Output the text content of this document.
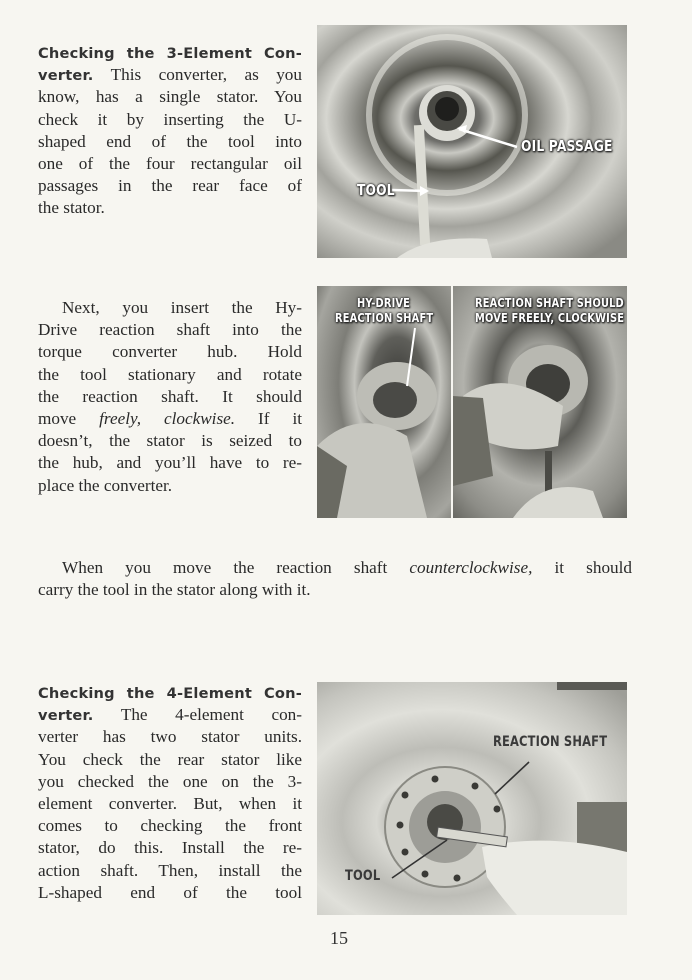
Checking the 3-Element Con-
verter. This converter, as you
know, has a single stator. You
check it by inserting the U-
shaped end of the tool into
one of the four rectangular oil
passages in the rear face of
the stator.
OIL PASSAGE
TOOL
Next, you insert the Hy-
Drive reaction shaft into the
torque converter hub. Hold
the tool stationary and rotate
the reaction shaft. It should
move freely, clockwise. If it
doesn’t, the stator is seized to
the hub, and you’ll have to re-
place the converter.
HY-DRIVE
REACTION SHAFT
REACTION SHAFT SHOULD
MOVE FREELY, CLOCKWISE
When you move the reaction shaft counterclockwise, it should
carry the tool in the stator along with it.
Checking the 4-Element Con-
verter. The 4-element con-
verter has two stator units.
You check the rear stator like
you checked the one on the 3-
element converter. But, when it
comes to checking the front
stator, do this. Install the re-
action shaft. Then, install the
L-shaped end of the tool
REACTION SHAFT
TOOL
15
